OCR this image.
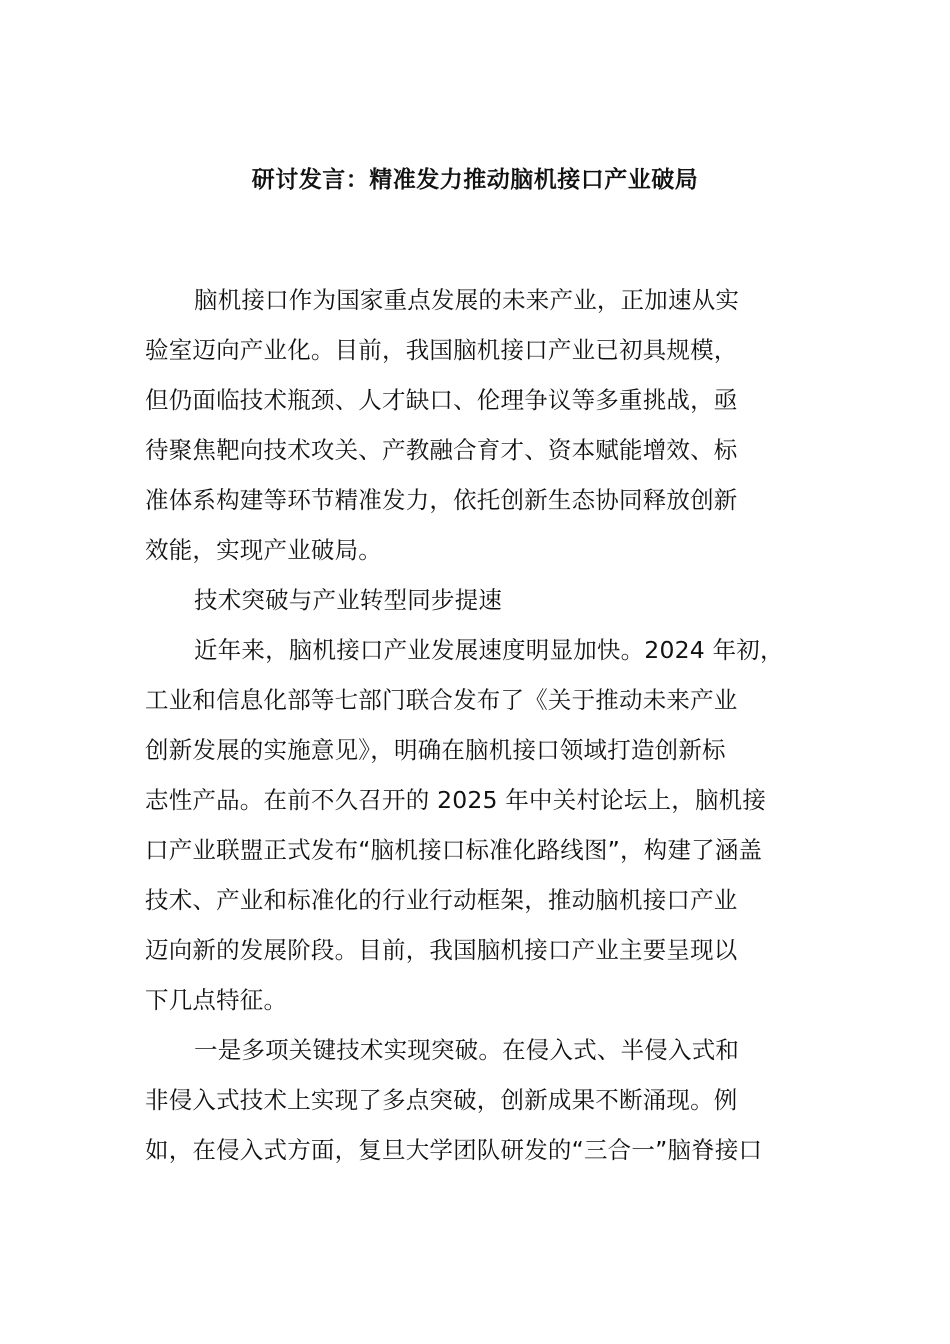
研讨发言：精准发力推动脑机接口产业破局
脑机接口作为国家重点发展的未来产业，正加速从实
验室迈向产业化。目前，我国脑机接口产业已初具规模，
但仍面临技术瓶颈、人才缺口、伦理争议等多重挑战，亟
待聚焦靶向技术攻关、产教融合育才、资本赋能增效、标
准体系构建等环节精准发力，依托创新生态协同释放创新
效能，实现产业破局。
技术突破与产业转型同步提速
近年来，脑机接口产业发展速度明显加快。2024 年初，
工业和信息化部等七部门联合发布了《关于推动未来产业
创新发展的实施意见》，明确在脑机接口领域打造创新标
志性产品。在前不久召开的 2025 年中关村论坛上，脑机接
口产业联盟正式发布“脑机接口标准化路线图”，构建了涵盖
技术、产业和标准化的行业行动框架，推动脑机接口产业
迈向新的发展阶段。目前，我国脑机接口产业主要呈现以
下几点特征。
一是多项关键技术实现突破。在侵入式、半侵入式和
非侵入式技术上实现了多点突破，创新成果不断涌现。例
如，在侵入式方面，复旦大学团队研发的“三合一”脑脊接口
